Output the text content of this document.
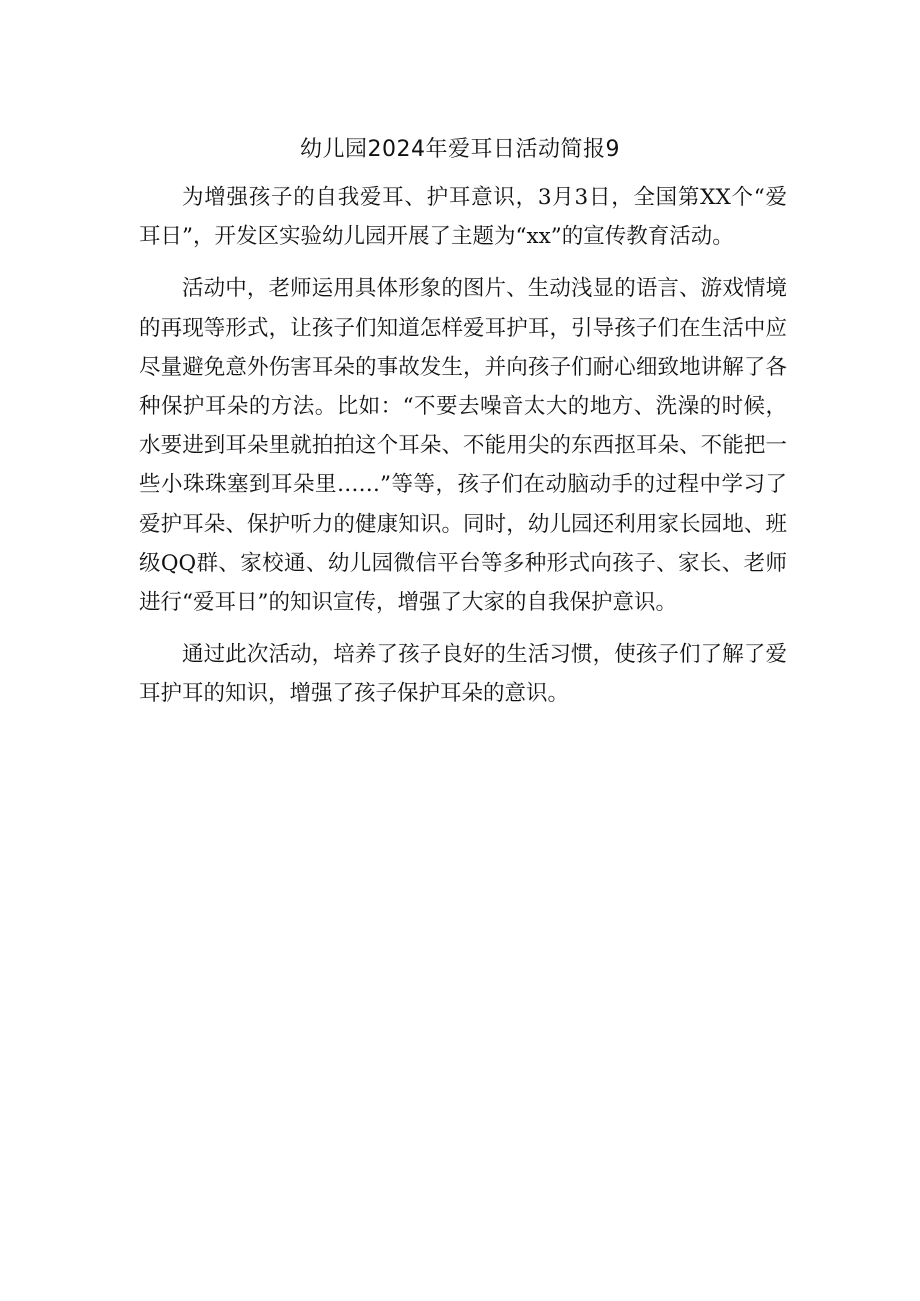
幼儿园2024年爱耳日活动简报9

为增强孩子的自我爱耳、护耳意识，3月3日，全国第XX个“爱耳日”，开发区实验幼儿园开展了主题为“xx”的宣传教育活动。

活动中，老师运用具体形象的图片、生动浅显的语言、游戏情境的再现等形式，让孩子们知道怎样爱耳护耳，引导孩子们在生活中应尽量避免意外伤害耳朵的事故发生，并向孩子们耐心细致地讲解了各种保护耳朵的方法。比如：“不要去噪音太大的地方、洗澡的时候，水要进到耳朵里就拍拍这个耳朵、不能用尖的东西抠耳朵、不能把一些小珠珠塞到耳朵里……”等等，孩子们在动脑动手的过程中学习了爱护耳朵、保护听力的健康知识。同时，幼儿园还利用家长园地、班级QQ群、家校通、幼儿园微信平台等多种形式向孩子、家长、老师进行“爱耳日”的知识宣传，增强了大家的自我保护意识。

通过此次活动，培养了孩子良好的生活习惯，使孩子们了解了爱耳护耳的知识，增强了孩子保护耳朵的意识。
